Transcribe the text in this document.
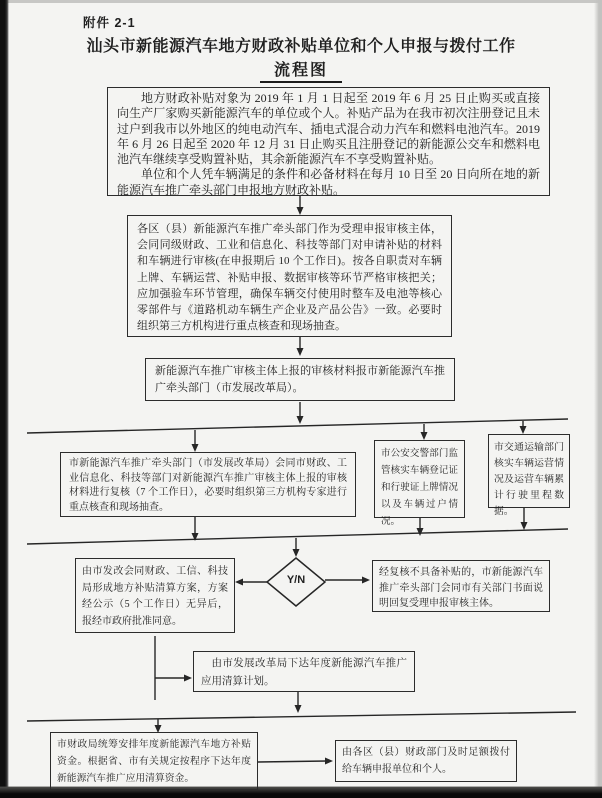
附件 2-1
汕头市新能源汽车地方财政补贴单位和个人申报与拨付工作
流程图

地方财政补贴对象为 2019 年 1 月 1 日起至 2019 年 6 月 25 日止购买或直接向生产厂家购买新能源汽车的单位或个人。补贴产品为在我市初次注册登记且未过户到我市以外地区的纯电动汽车、插电式混合动力汽车和燃料电池汽车。2019 年 6 月 26 日起至 2020 年 12 月 31 日止购买且注册登记的新能源公交车和燃料电池汽车继续享受购置补贴，其余新能源汽车不享受购置补贴。

单位和个人凭车辆满足的条件和必备材料在每月 10 日至 20 日向所在地的新能源汽车推广牵头部门申报地方财政补贴。

各区（县）新能源汽车推广牵头部门作为受理申报审核主体，会同同级财政、工业和信息化、科技等部门对申请补贴的材料和车辆进行审核(在申报期后 10 个工作日)。按各自职责对车辆上牌、车辆运营、补贴申报、数据审核等环节严格审核把关；应加强验车环节管理，确保车辆交付使用时整车及电池等核心零部件与《道路机动车辆生产企业及产品公告》一致。必要时组织第三方机构进行重点核查和现场抽查。

新能源汽车推广审核主体上报的审核材料报市新能源汽车推广牵头部门（市发展改革局）。

市新能源汽车推广牵头部门（市发展改革局）会同市财政、工业信息化、科技等部门对新能源汽车推广审核主体上报的审核材料进行复核（7 个工作日），必要时组织第三方机构专家进行重点核查和现场抽查。

市公安交警部门监管核实车辆登记证和行驶证上牌情况以及车辆过户情况。

市交通运输部门核实车辆运营情况及运营车辆累计行驶里程数据。

由市发改会同财政、工信、科技局形成地方补贴清算方案，方案经公示（5 个工作日）无异后，报经市政府批准同意。

经复核不具备补贴的，市新能源汽车推广牵头部门会同市有关部门书面说明回复受理申报审核主体。

由市发展改革局下达年度新能源汽车推广应用清算计划。

市财政局统筹安排年度新能源汽车地方补贴资金。根据省、市有关规定按程序下达年度新能源汽车推广应用清算资金。

由各区（县）财政部门及时足额拨付给车辆申报单位和个人。

Y/N
